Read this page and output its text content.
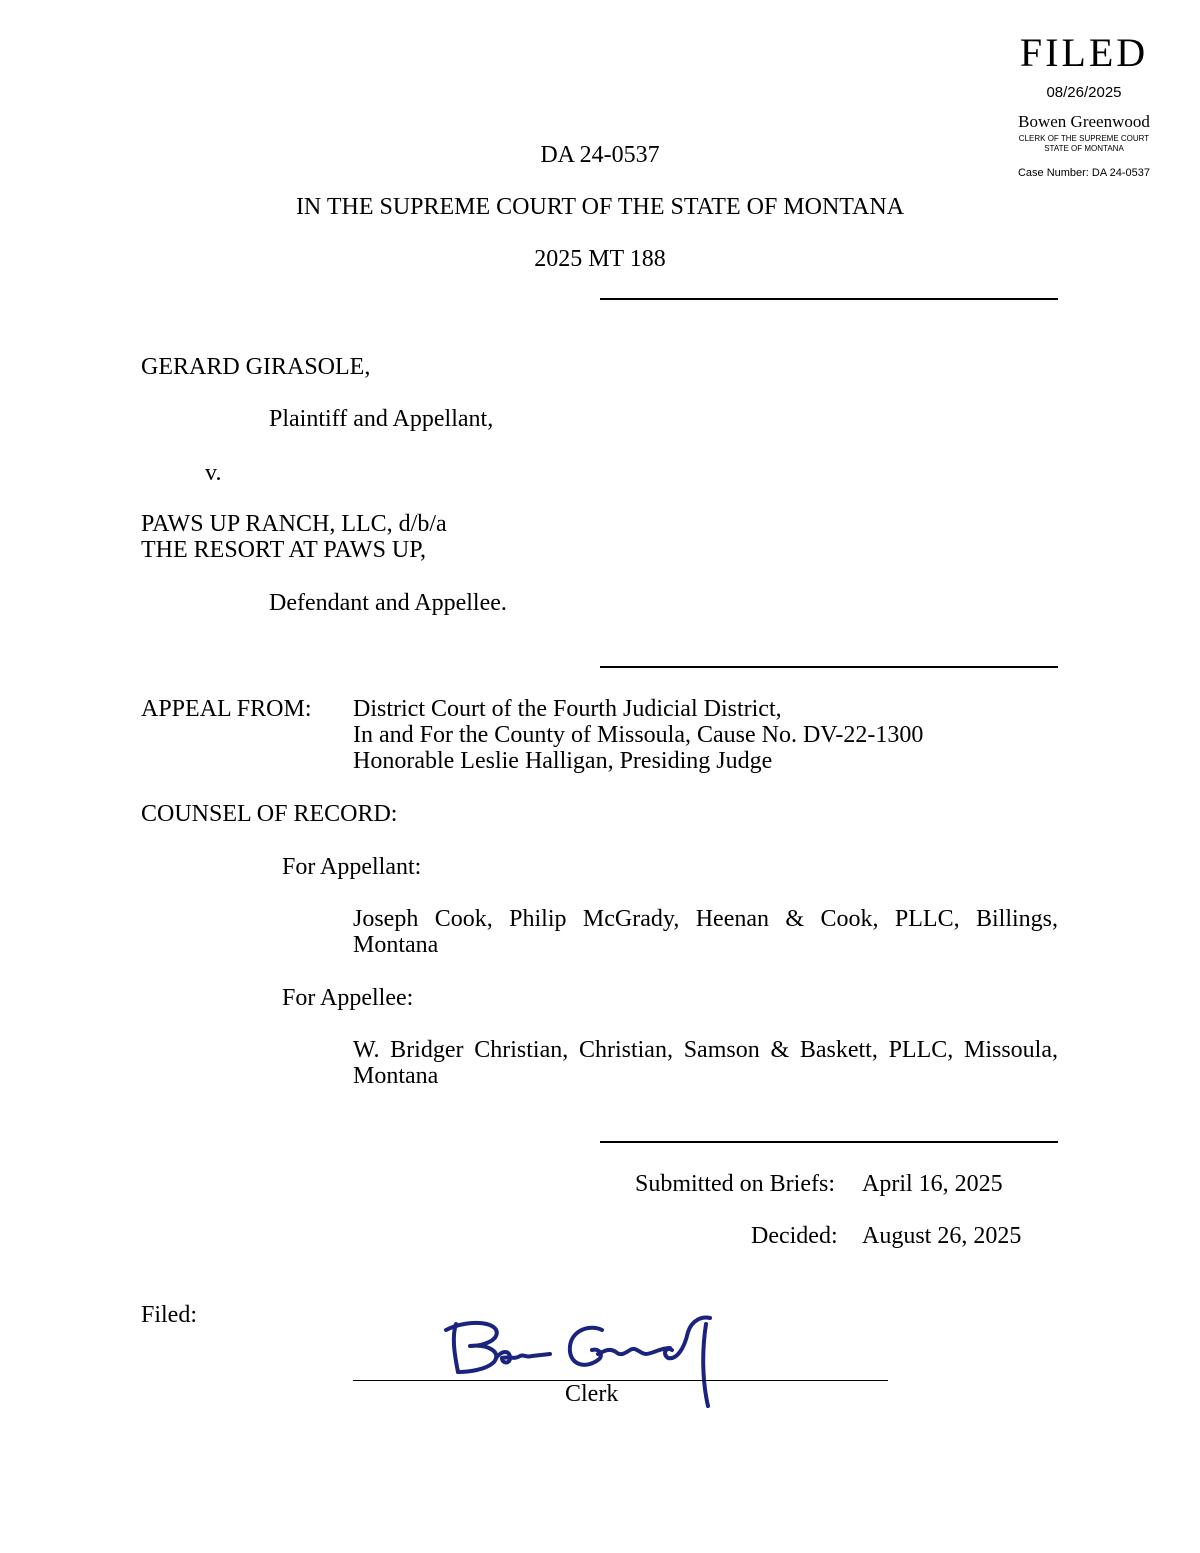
FILED
08/26/2025
Bowen Greenwood
CLERK OF THE SUPREME COURT
STATE OF MONTANA
Case Number: DA 24-0537
DA 24-0537
IN THE SUPREME COURT OF THE STATE OF MONTANA
2025 MT 188
GERARD GIRASOLE,
Plaintiff and Appellant,
v.
PAWS UP RANCH, LLC, d/b/a
THE RESORT AT PAWS UP,
Defendant and Appellee.
APPEAL FROM: District Court of the Fourth Judicial District,
In and For the County of Missoula, Cause No. DV-22-1300
Honorable Leslie Halligan, Presiding Judge
COUNSEL OF RECORD:
For Appellant:
Joseph Cook, Philip McGrady, Heenan & Cook, PLLC, Billings,
Montana
For Appellee:
W. Bridger Christian, Christian, Samson & Baskett, PLLC, Missoula,
Montana
Submitted on Briefs: April 16, 2025
Decided: August 26, 2025
Filed:
Clerk
